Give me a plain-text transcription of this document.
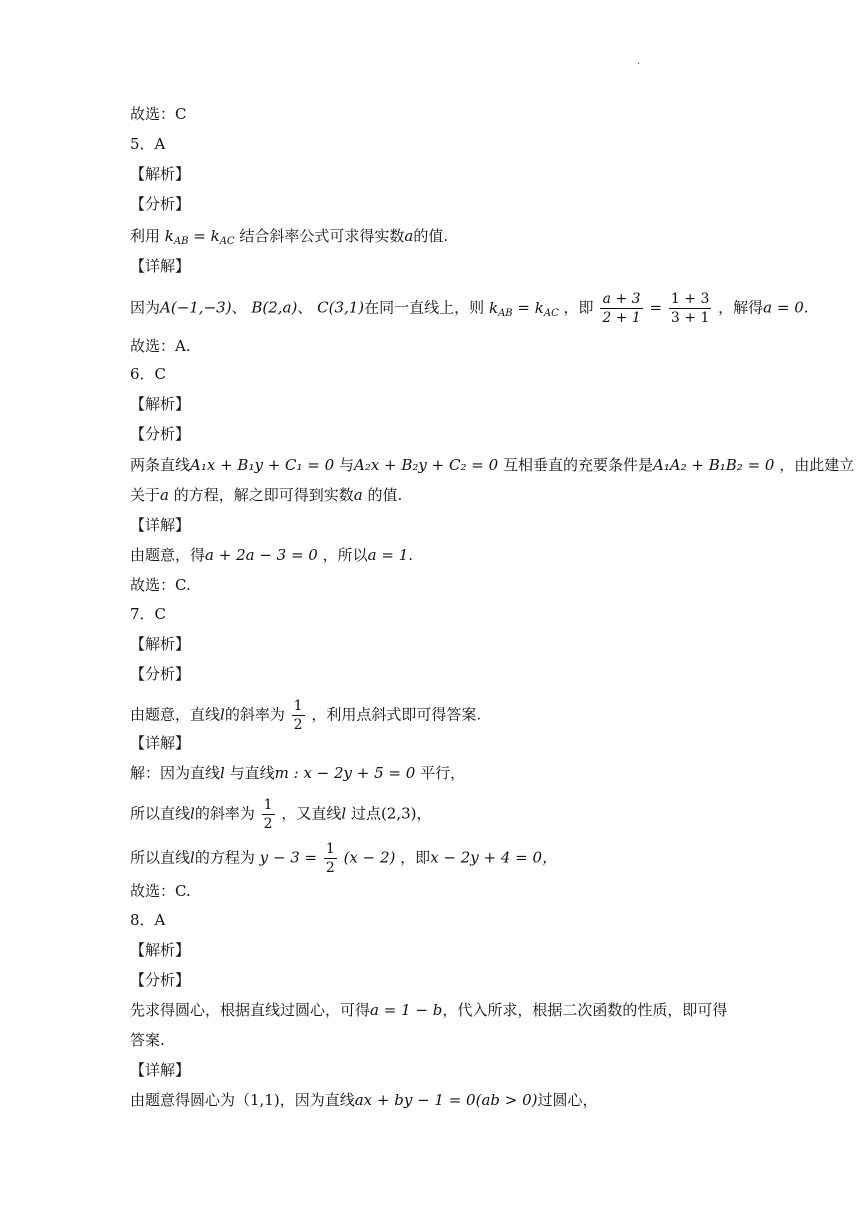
.
故选：C
5．A
【解析】
【分析】
利用 $k_{AB} = k_{AC}$ 结合斜率公式可求得实数a的值.
【详解】
因为A(−1,−3)、 B(2,a)、 C(3,1)在同一直线上，则 $k_{AB} = k_{AC}$ ，即 $\frac{a + 3}{2 + 1} = \frac{1 + 3}{3 + 1}$ ，解得a = 0.
故选：A.
6．C
【解析】
【分析】
两条直线A₁x + B₁y + C₁ = 0 与A₂x + B₂y + C₂ = 0 互相垂直的充要条件是A₁A₂ + B₁B₂ = 0 ，由此建立
关于a 的方程，解之即可得到实数a 的值.
【详解】
由题意，得a + 2a − 3 = 0 ，所以a = 1.
故选：C.
7．C
【解析】
【分析】
由题意，直线l的斜率为 $\frac{1}{2}$ ，利用点斜式即可得答案.
【详解】
解：因为直线l 与直线m : x − 2y + 5 = 0 平行，
所以直线l的斜率为 $\frac{1}{2}$ ，又直线l 过点(2,3)，
所以直线l的方程为 $y - 3 = \frac{1}{2} (x - 2)$ ，即x − 2y + 4 = 0，
故选：C.
8．A
【解析】
【分析】
先求得圆心，根据直线过圆心，可得a = 1 − b，代入所求，根据二次函数的性质，即可得答案.
【详解】
由题意得圆心为（1,1)，因为直线ax + by − 1 = 0(ab > 0)过圆心，
